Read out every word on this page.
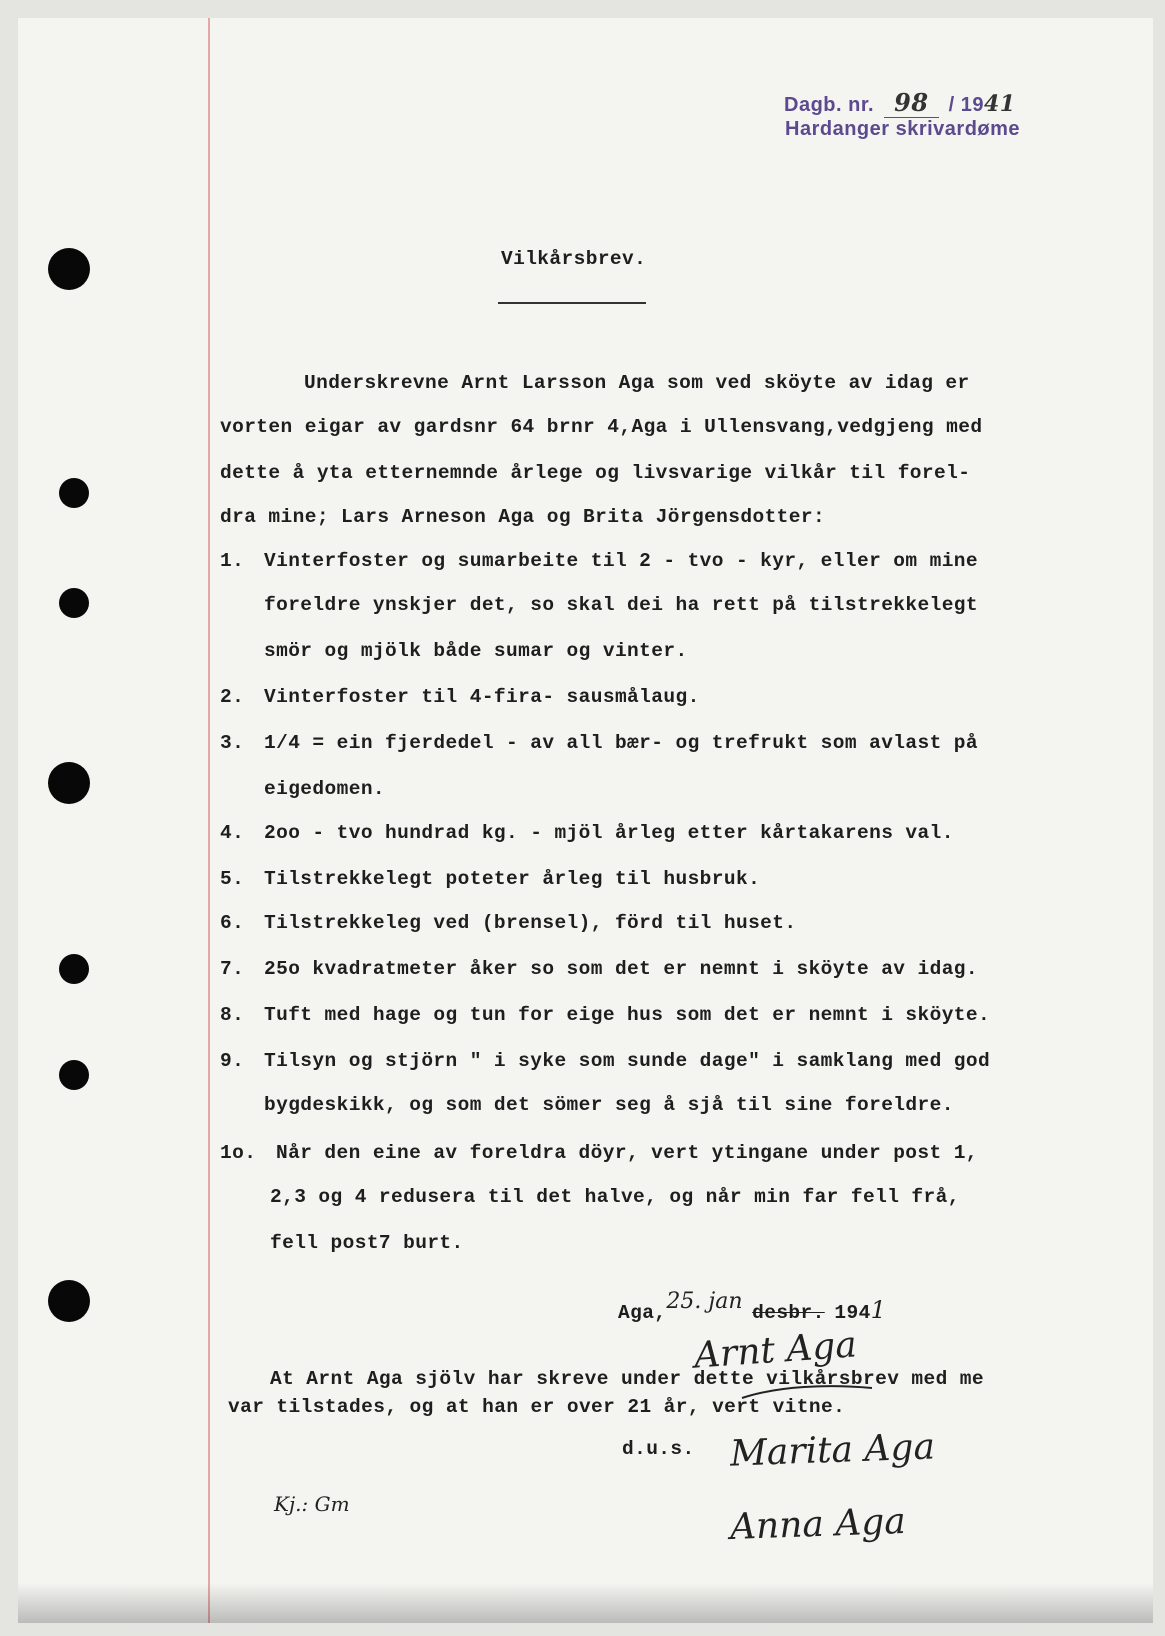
Dagb. nr. 98 / 1941
Hardanger skrivardøme
Vilkårsbrev.
Underskrevne Arnt Larsson Aga som ved sköyte av idag er
vorten eigar av gardsnr 64 brnr 4,Aga i Ullensvang,vedgjeng med
dette å yta etternemnde årlege og livsvarige vilkår til forel-
dra mine; Lars Arneson Aga og Brita Jörgensdotter:
1. Vinterfoster og sumarbeite til 2 - tvo - kyr, eller om mine
foreldre ynskjer det, so skal dei ha rett på tilstrekkelegt
smör og mjölk både sumar og vinter.
2. Vinterfoster til 4-fira- sausmålaug.
3. 1/4 = ein fjerdedel - av all bær- og trefrukt som avlast på
eigedomen.
4. 2oo - tvo hundrad kg. - mjöl årleg etter kårtakarens val.
5. Tilstrekkelegt poteter årleg til husbruk.
6. Tilstrekkeleg ved (brensel), förd til huset.
7. 25o kvadratmeter åker so som det er nemnt i sköyte av idag.
8. Tuft med hage og tun for eige hus som det er nemnt i sköyte.
9. Tilsyn og stjörn " i syke som sunde dage" i samklang med god
bygdeskikk, og som det sömer seg å sjå til sine foreldre.
1o. Når den eine av foreldra döyr, vert ytingane under post 1,
2,3 og 4 redusera til det halve, og når min far fell frå,
fell post7 burt.
Aga,25. jan desbr. 1941
Arnt Aga
At Arnt Aga sjölv har skreve under dette vilkårsbrev med me
var tilstades, og at han er over 21 år, vert vitne.
d.u.s. Marita Aga
Anna Aga
Kj.: Gm
